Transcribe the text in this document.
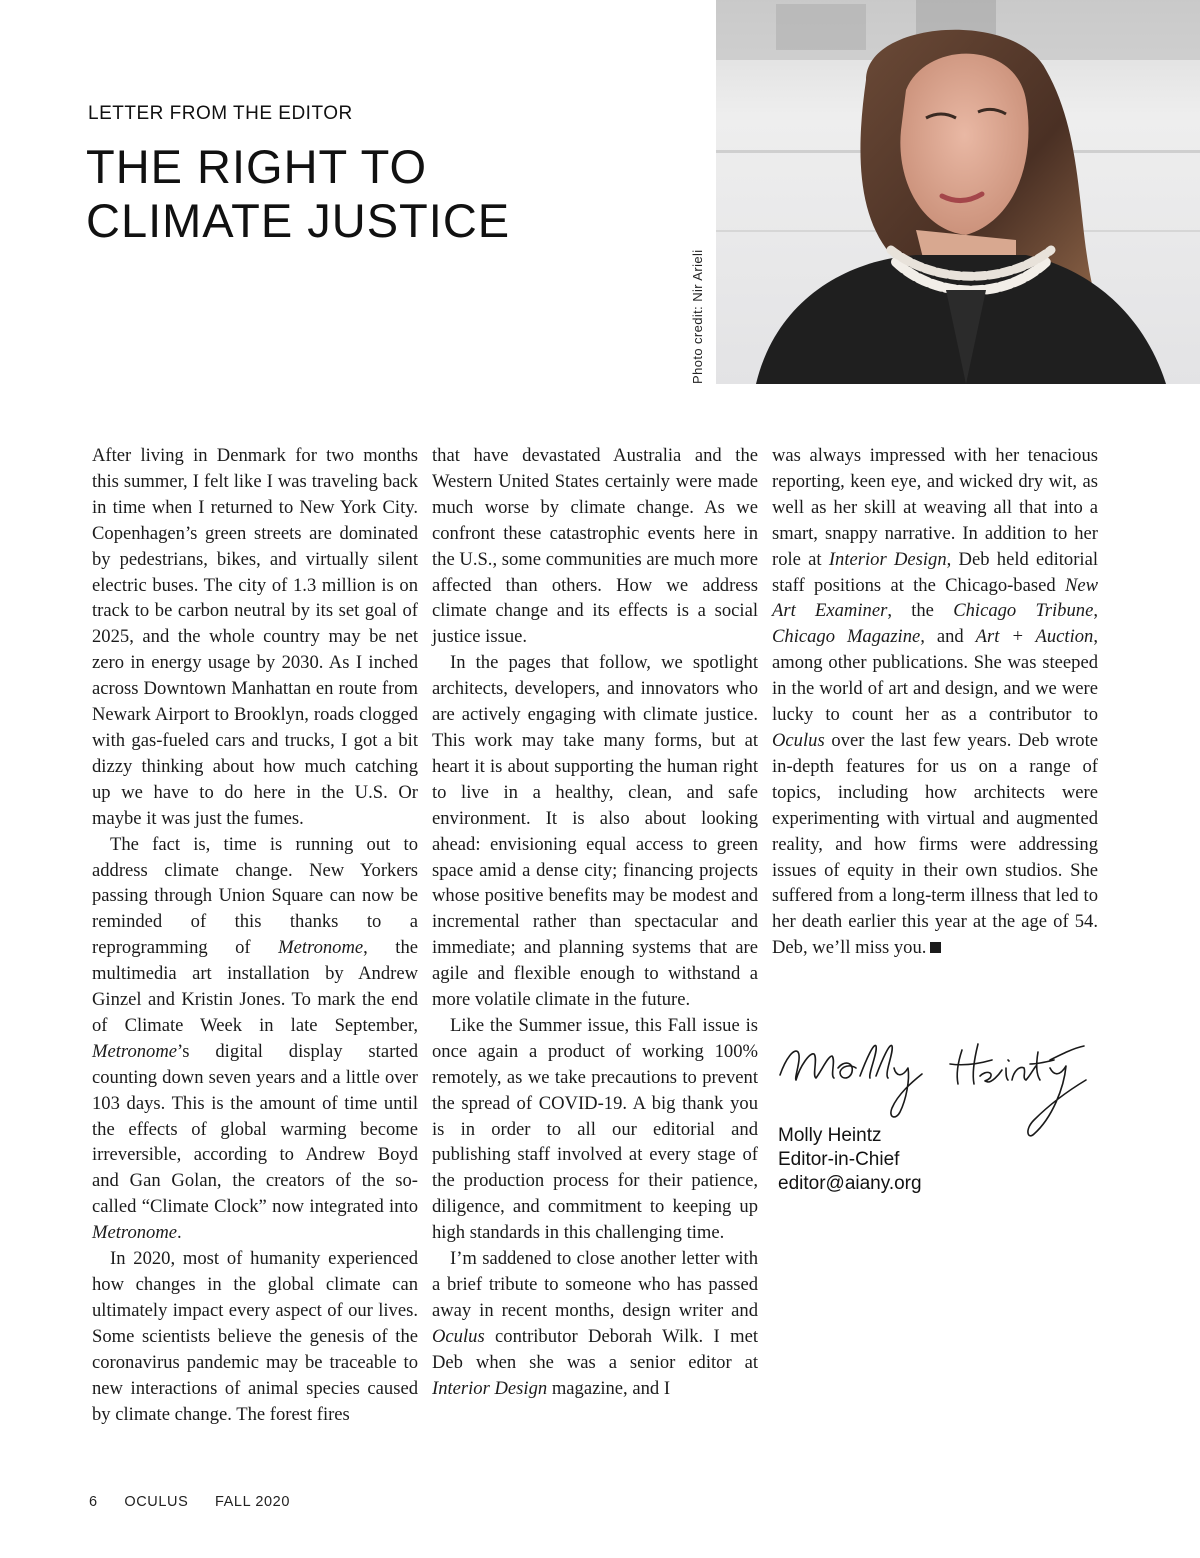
LETTER FROM THE EDITOR
THE RIGHT TO
CLIMATE JUSTICE
Photo credit: Nir Arieli

After living in Denmark for two months this summer, I felt like I was traveling back in time when I returned to New York City. Copenhagen’s green streets are dominated by pedestrians, bikes, and virtually silent electric buses. The city of 1.3 million is on track to be carbon neutral by its set goal of 2025, and the whole country may be net zero in energy usage by 2030. As I inched across Downtown Manhattan en route from Newark Airport to Brooklyn, roads clogged with gas-fueled cars and trucks, I got a bit dizzy thinking about how much catching up we have to do here in the U.S. Or maybe it was just the fumes.

The fact is, time is running out to address climate change. New Yorkers passing through Union Square can now be reminded of this thanks to a reprogramming of Metronome, the multimedia art installation by Andrew Ginzel and Kristin Jones. To mark the end of Climate Week in late September, Metronome’s digital display started counting down seven years and a little over 103 days. This is the amount of time until the effects of global warming become irreversible, according to Andrew Boyd and Gan Golan, the creators of the so-called “Climate Clock” now integrated into Metronome.

In 2020, most of humanity experienced how changes in the global climate can ultimately impact every aspect of our lives. Some scientists believe the genesis of the coronavirus pandemic may be traceable to new interactions of animal species caused by climate change. The forest fires

that have devastated Australia and the Western United States certainly were made much worse by climate change. As we confront these catastrophic events here in the U.S., some communities are much more affected than others. How we address climate change and its effects is a social justice issue.

In the pages that follow, we spotlight architects, developers, and innovators who are actively engaging with climate justice. This work may take many forms, but at heart it is about supporting the human right to live in a healthy, clean, and safe environment. It is also about looking ahead: envisioning equal access to green space amid a dense city; financing projects whose positive benefits may be modest and incremental rather than spectacular and immediate; and planning systems that are agile and flexible enough to withstand a more volatile climate in the future.

Like the Summer issue, this Fall issue is once again a product of working 100% remotely, as we take precautions to prevent the spread of COVID-19. A big thank you is in order to all our editorial and publishing staff involved at every stage of the production process for their patience, diligence, and commitment to keeping up high standards in this challenging time.

I’m saddened to close another letter with a brief tribute to someone who has passed away in recent months, design writer and Oculus contributor Deborah Wilk. I met Deb when she was a senior editor at Interior Design magazine, and I

was always impressed with her tenacious reporting, keen eye, and wicked dry wit, as well as her skill at weaving all that into a smart, snappy narrative. In addition to her role at Interior Design, Deb held editorial staff positions at the Chicago-based New Art Examiner, the Chicago Tribune, Chicago Magazine, and Art + Auction, among other publications. She was steeped in the world of art and design, and we were lucky to count her as a contributor to Oculus over the last few years. Deb wrote in-depth features for us on a range of topics, including how architects were experimenting with virtual and augmented reality, and how firms were addressing issues of equity in their own studios. She suffered from a long-term illness that led to her death earlier this year at the age of 54. Deb, we’ll miss you.

Molly Heintz
Editor-in-Chief
editor@aiany.org
6 OCULUS FALL 2020
